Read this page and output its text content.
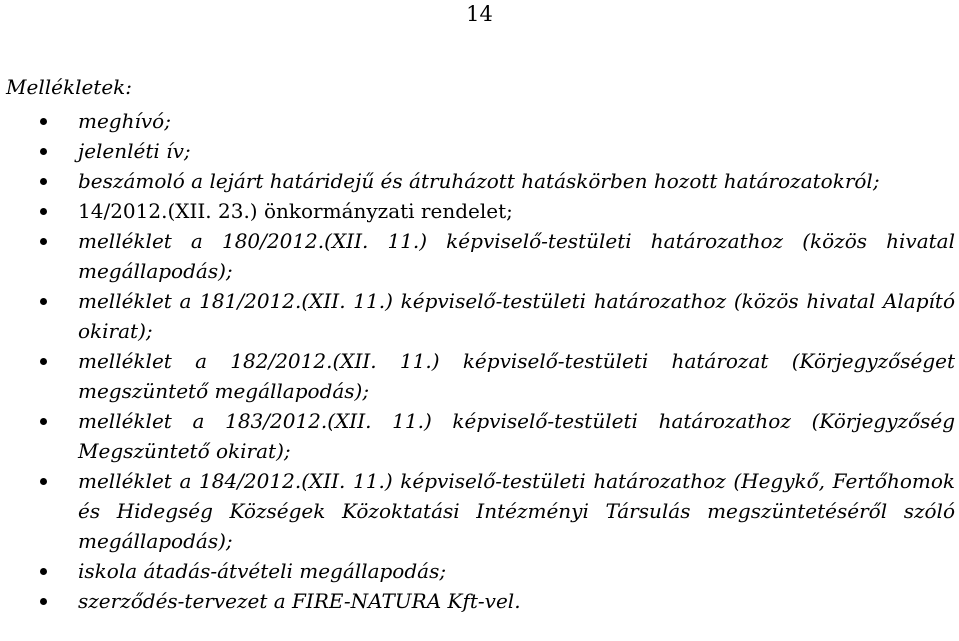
14
Mellékletek:
meghívó;
jelenléti ív;
beszámoló a lejárt határidejű és átruházott hatáskörben hozott határozatokról;
14/2012.(XII. 23.) önkormányzati rendelet;
melléklet a 180/2012.(XII. 11.) képviselő-testületi határozathoz (közös hivatal megállapodás);
melléklet a 181/2012.(XII. 11.) képviselő-testületi határozathoz (közös hivatal Alapító okirat);
melléklet a 182/2012.(XII. 11.) képviselő-testületi határozat (Körjegyzőséget megszüntető megállapodás);
melléklet a 183/2012.(XII. 11.) képviselő-testületi határozathoz (Körjegyzőség Megszüntető okirat);
melléklet a 184/2012.(XII. 11.) képviselő-testületi határozathoz (Hegykő, Fertőhomok és Hidegség Községek Közoktatási Intézményi Társulás megszüntetéséről szóló megállapodás);
iskola átadás-átvételi megállapodás;
szerződés-tervezet a FIRE-NATURA Kft-vel.
